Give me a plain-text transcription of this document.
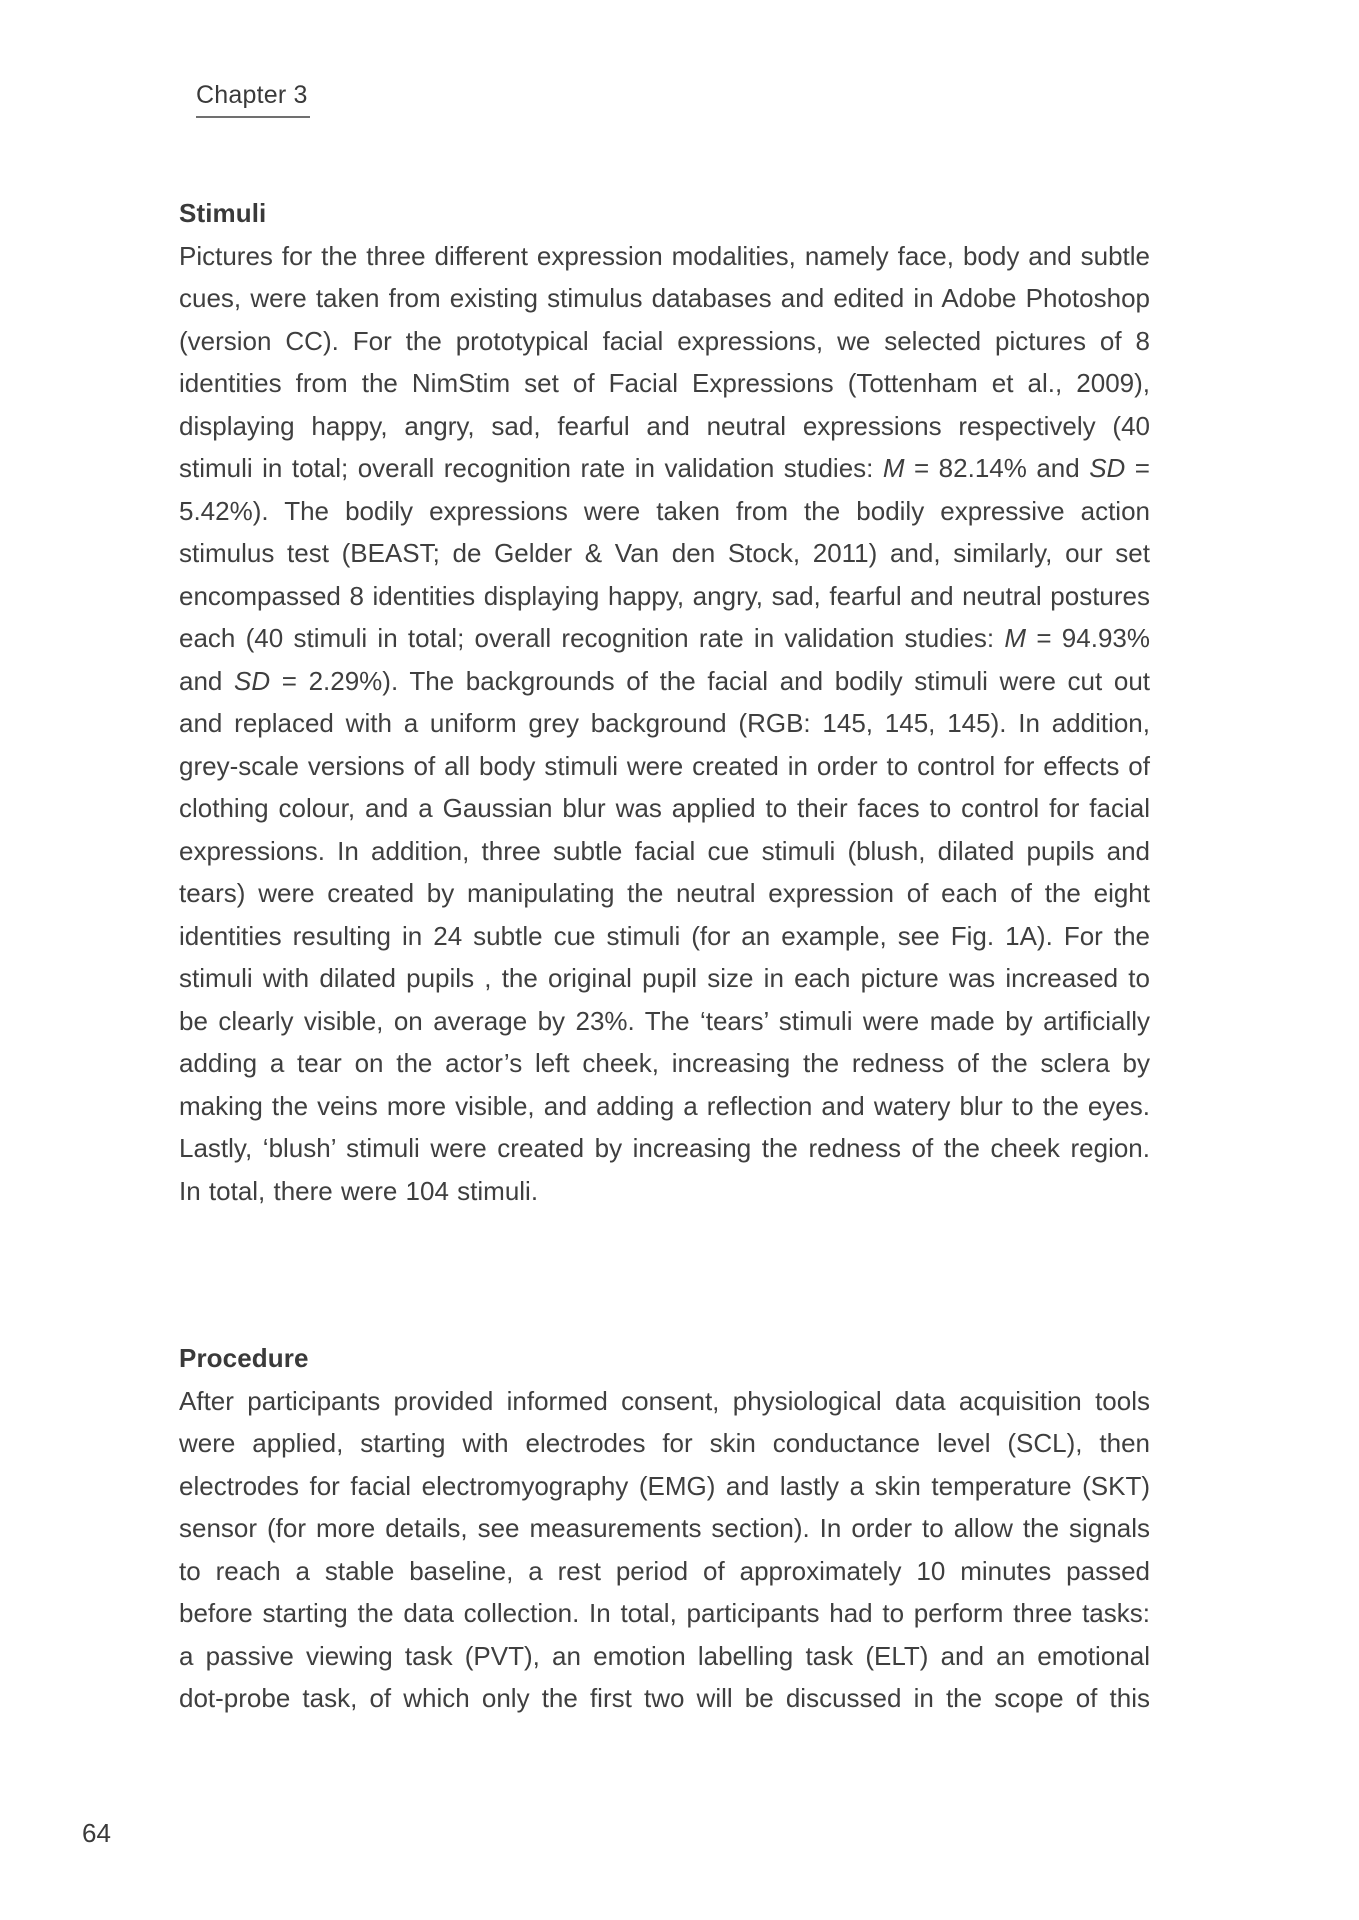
Chapter 3
Stimuli

Pictures for the three different expression modalities, namely face, body and subtle cues, were taken from existing stimulus databases and edited in Adobe Photoshop (version CC). For the prototypical facial expressions, we selected pictures of 8 identities from the NimStim set of Facial Expressions (Tottenham et al., 2009), displaying happy, angry, sad, fearful and neutral expressions respectively (40 stimuli in total; overall recognition rate in validation studies: M = 82.14% and SD = 5.42%). The bodily expressions were taken from the bodily expressive action stimulus test (BEAST; de Gelder & Van den Stock, 2011) and, similarly, our set encompassed 8 identities displaying happy, angry, sad, fearful and neutral postures each (40 stimuli in total; overall recognition rate in validation studies: M = 94.93% and SD = 2.29%). The backgrounds of the facial and bodily stimuli were cut out and replaced with a uniform grey background (RGB: 145, 145, 145). In addition, grey-scale versions of all body stimuli were created in order to control for effects of clothing colour, and a Gaussian blur was applied to their faces to control for facial expressions. In addition, three subtle facial cue stimuli (blush, dilated pupils and tears) were created by manipulating the neutral expression of each of the eight identities resulting in 24 subtle cue stimuli (for an example, see Fig. 1A). For the stimuli with dilated pupils , the original pupil size in each picture was increased to be clearly visible, on average by 23%. The ‘tears’ stimuli were made by artificially adding a tear on the actor’s left cheek, increasing the redness of the sclera by making the veins more visible, and adding a reflection and watery blur to the eyes. Lastly, ‘blush’ stimuli were created by increasing the redness of the cheek region. In total, there were 104 stimuli.

Procedure

After participants provided informed consent, physiological data acquisition tools were applied, starting with electrodes for skin conductance level (SCL), then electrodes for facial electromyography (EMG) and lastly a skin temperature (SKT) sensor (for more details, see measurements section). In order to allow the signals to reach a stable baseline, a rest period of approximately 10 minutes passed before starting the data collection. In total, participants had to perform three tasks: a passive viewing task (PVT), an emotion labelling task (ELT) and an emotional dot-probe task, of which only the first two will be discussed in the scope of this

64
